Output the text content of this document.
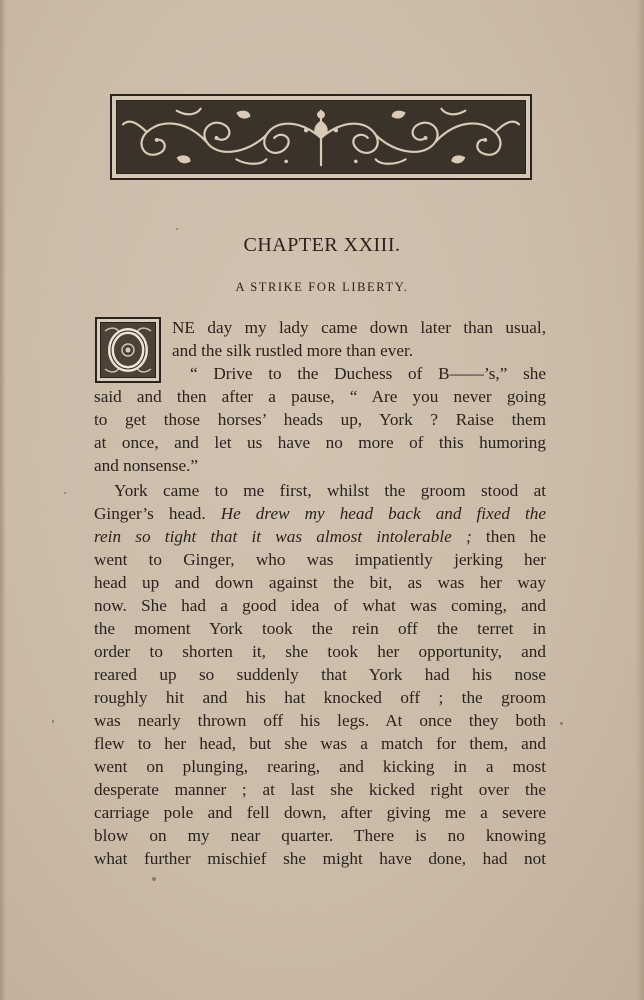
CHAPTER XXIII.
A STRIKE FOR LIBERTY.
NE day my lady came down later than usual,
and the silk rustled more than ever.
“ Drive to the Duchess of B——’s,” she
said and then after a pause, “ Are you never going
to get those horses’ heads up, York ? Raise them
at once, and let us have no more of this humoring
and nonsense.”
York came to me first, whilst the groom stood at
Ginger’s head. He drew my head back and fixed the
rein so tight that it was almost intolerable ; then he
went to Ginger, who was impatiently jerking her
head up and down against the bit, as was her way
now. She had a good idea of what was coming, and
the moment York took the rein off the terret in
order to shorten it, she took her opportunity, and
reared up so suddenly that York had his nose
roughly hit and his hat knocked off ; the groom
was nearly thrown off his legs. At once they both
flew to her head, but she was a match for them, and
went on plunging, rearing, and kicking in a most
desperate manner ; at last she kicked right over the
carriage pole and fell down, after giving me a severe
blow on my near quarter. There is no knowing
what further mischief she might have done, had not
